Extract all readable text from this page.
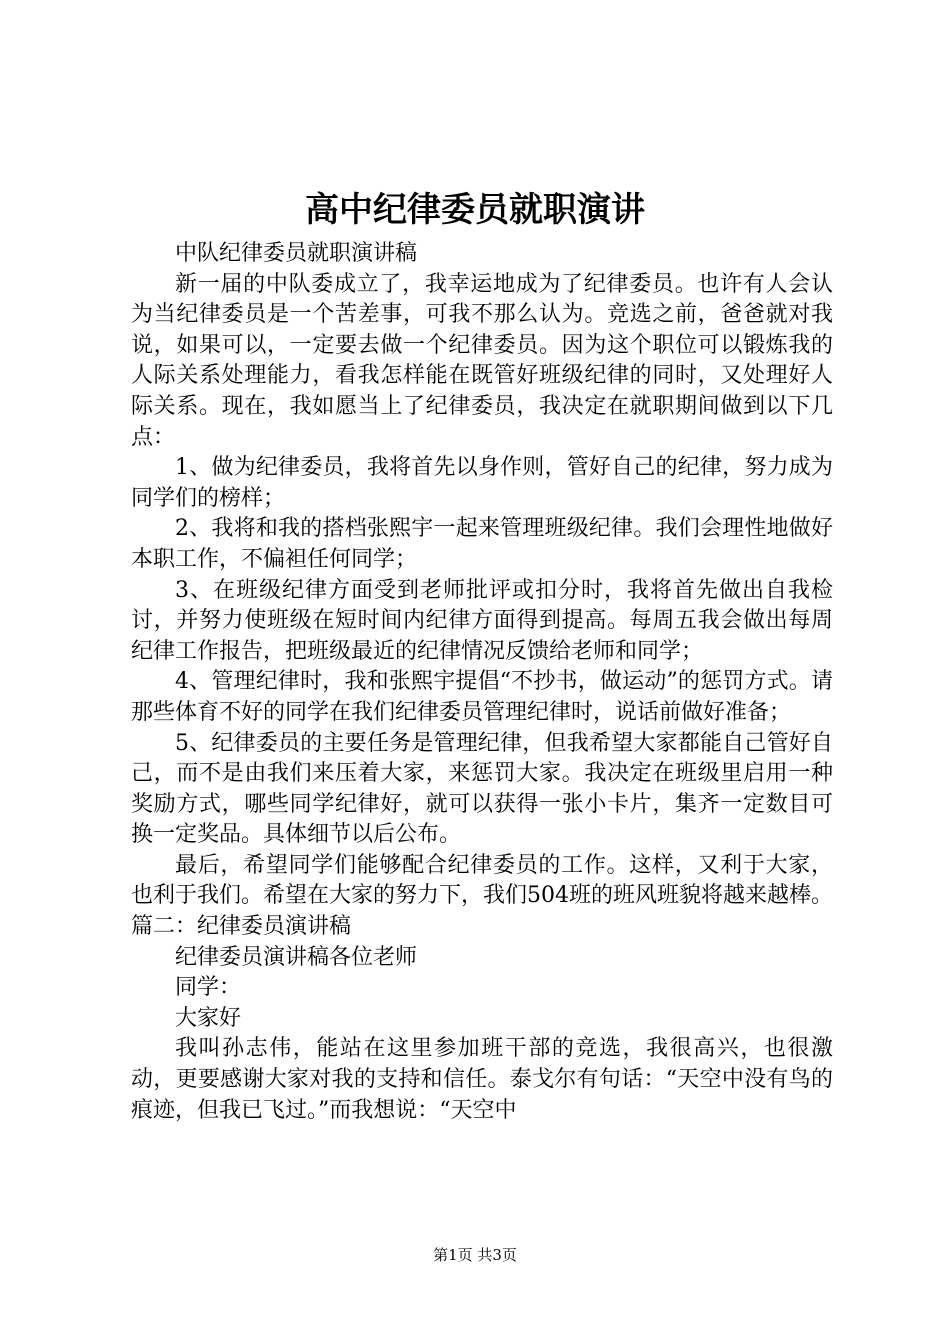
高中纪律委员就职演讲

中队纪律委员就职演讲稿

新一届的中队委成立了，我幸运地成为了纪律委员。也许有人会认为当纪律委员是一个苦差事，可我不那么认为。竞选之前，爸爸就对我说，如果可以，一定要去做一个纪律委员。因为这个职位可以锻炼我的人际关系处理能力，看我怎样能在既管好班级纪律的同时，又处理好人际关系。现在，我如愿当上了纪律委员，我决定在就职期间做到以下几点：

1、做为纪律委员，我将首先以身作则，管好自己的纪律，努力成为同学们的榜样；

2、我将和我的搭档张熙宇一起来管理班级纪律。我们会理性地做好本职工作，不偏袒任何同学；

3、在班级纪律方面受到老师批评或扣分时，我将首先做出自我检讨，并努力使班级在短时间内纪律方面得到提高。每周五我会做出每周纪律工作报告，把班级最近的纪律情况反馈给老师和同学；

4、管理纪律时，我和张熙宇提倡“不抄书，做运动”的惩罚方式。请那些体育不好的同学在我们纪律委员管理纪律时，说话前做好准备；

5、纪律委员的主要任务是管理纪律，但我希望大家都能自己管好自己，而不是由我们来压着大家，来惩罚大家。我决定在班级里启用一种奖励方式，哪些同学纪律好，就可以获得一张小卡片，集齐一定数目可换一定奖品。具体细节以后公布。

最后，希望同学们能够配合纪律委员的工作。这样，又利于大家，也利于我们。希望在大家的努力下，我们504班的班风班貌将越来越棒。篇二：纪律委员演讲稿

纪律委员演讲稿各位老师

同学：

大家好

我叫孙志伟，能站在这里参加班干部的竞选，我很高兴，也很激动，更要感谢大家对我的支持和信任。泰戈尔有句话：“天空中没有鸟的痕迹，但我已飞过。”而我想说：“天空中

第1页 共3页
